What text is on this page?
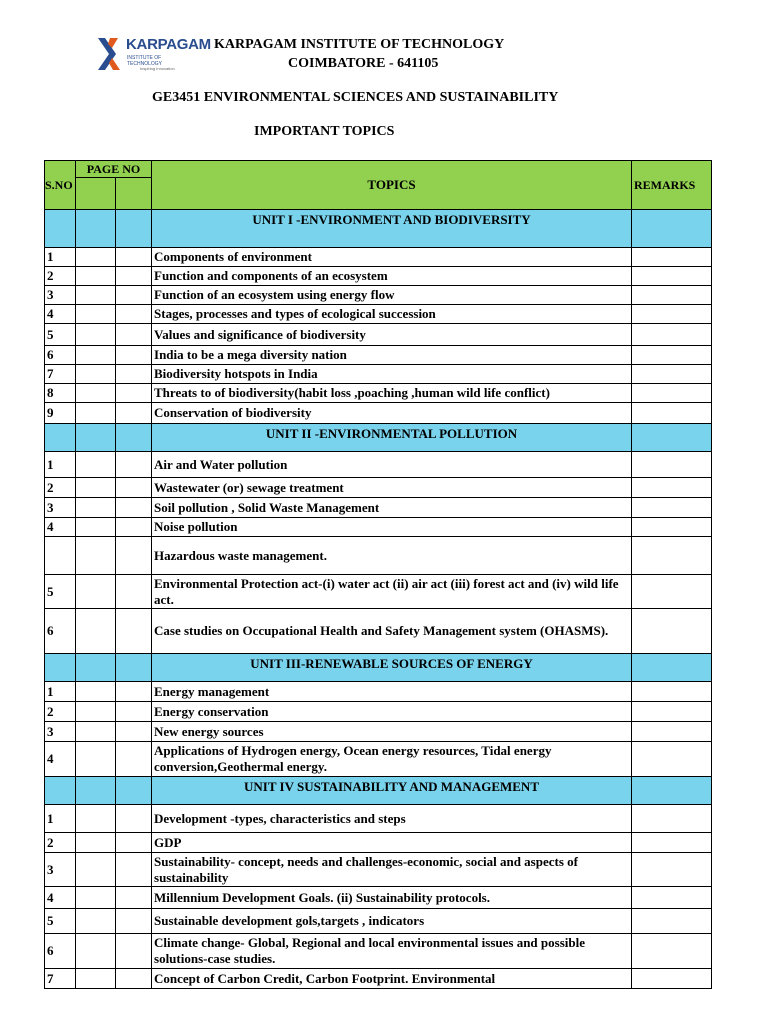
KARPAGAM
INSTITUTE OF TECHNOLOGY
Inspiring Innovation
KARPAGAM INSTITUTE OF TECHNOLOGY
COIMBATORE - 641105
GE3451 ENVIRONMENTAL SCIENCES AND SUSTAINABILITY
IMPORTANT TOPICS
S.NO	PAGE NO		TOPICS	REMARKS

			UNIT I -ENVIRONMENT AND BIODIVERSITY	
1			Components of environment	
2			Function and components of an ecosystem	
3			Function of an ecosystem using energy flow	
4			Stages, processes and types of ecological succession	
5			Values and significance of biodiversity	
6			India to be a mega diversity nation	
7			Biodiversity hotspots in India	
8			Threats to of biodiversity(habit loss ,poaching ,human wild life conflict)	
9			Conservation of biodiversity	
			UNIT II -ENVIRONMENTAL POLLUTION	
1			Air and Water pollution	
2			Wastewater (or) sewage treatment	
3			Soil pollution , Solid Waste Management	
4			Noise pollution	
			Hazardous waste management.	
5			Environmental Protection act-(i) water act (ii) air act (iii) forest act and (iv) wild life act.	
6			Case studies on Occupational Health and Safety Management system (OHASMS).	
			UNIT III-RENEWABLE SOURCES OF ENERGY	
1			Energy management	
2			Energy conservation	
3			New energy sources	
4			Applications of Hydrogen energy, Ocean energy resources, Tidal energy conversion,Geothermal energy.	
			UNIT IV SUSTAINABILITY AND MANAGEMENT	
1			Development -types, characteristics and steps	
2			GDP	
3			Sustainability- concept, needs and challenges-economic, social and aspects of sustainability	
4			Millennium Development Goals. (ii) Sustainability protocols.	
5			Sustainable development gols,targets , indicators	
6			Climate change- Global, Regional and local environmental issues and possible solutions-case studies.	
7			Concept of Carbon Credit, Carbon Footprint. Environmental	
